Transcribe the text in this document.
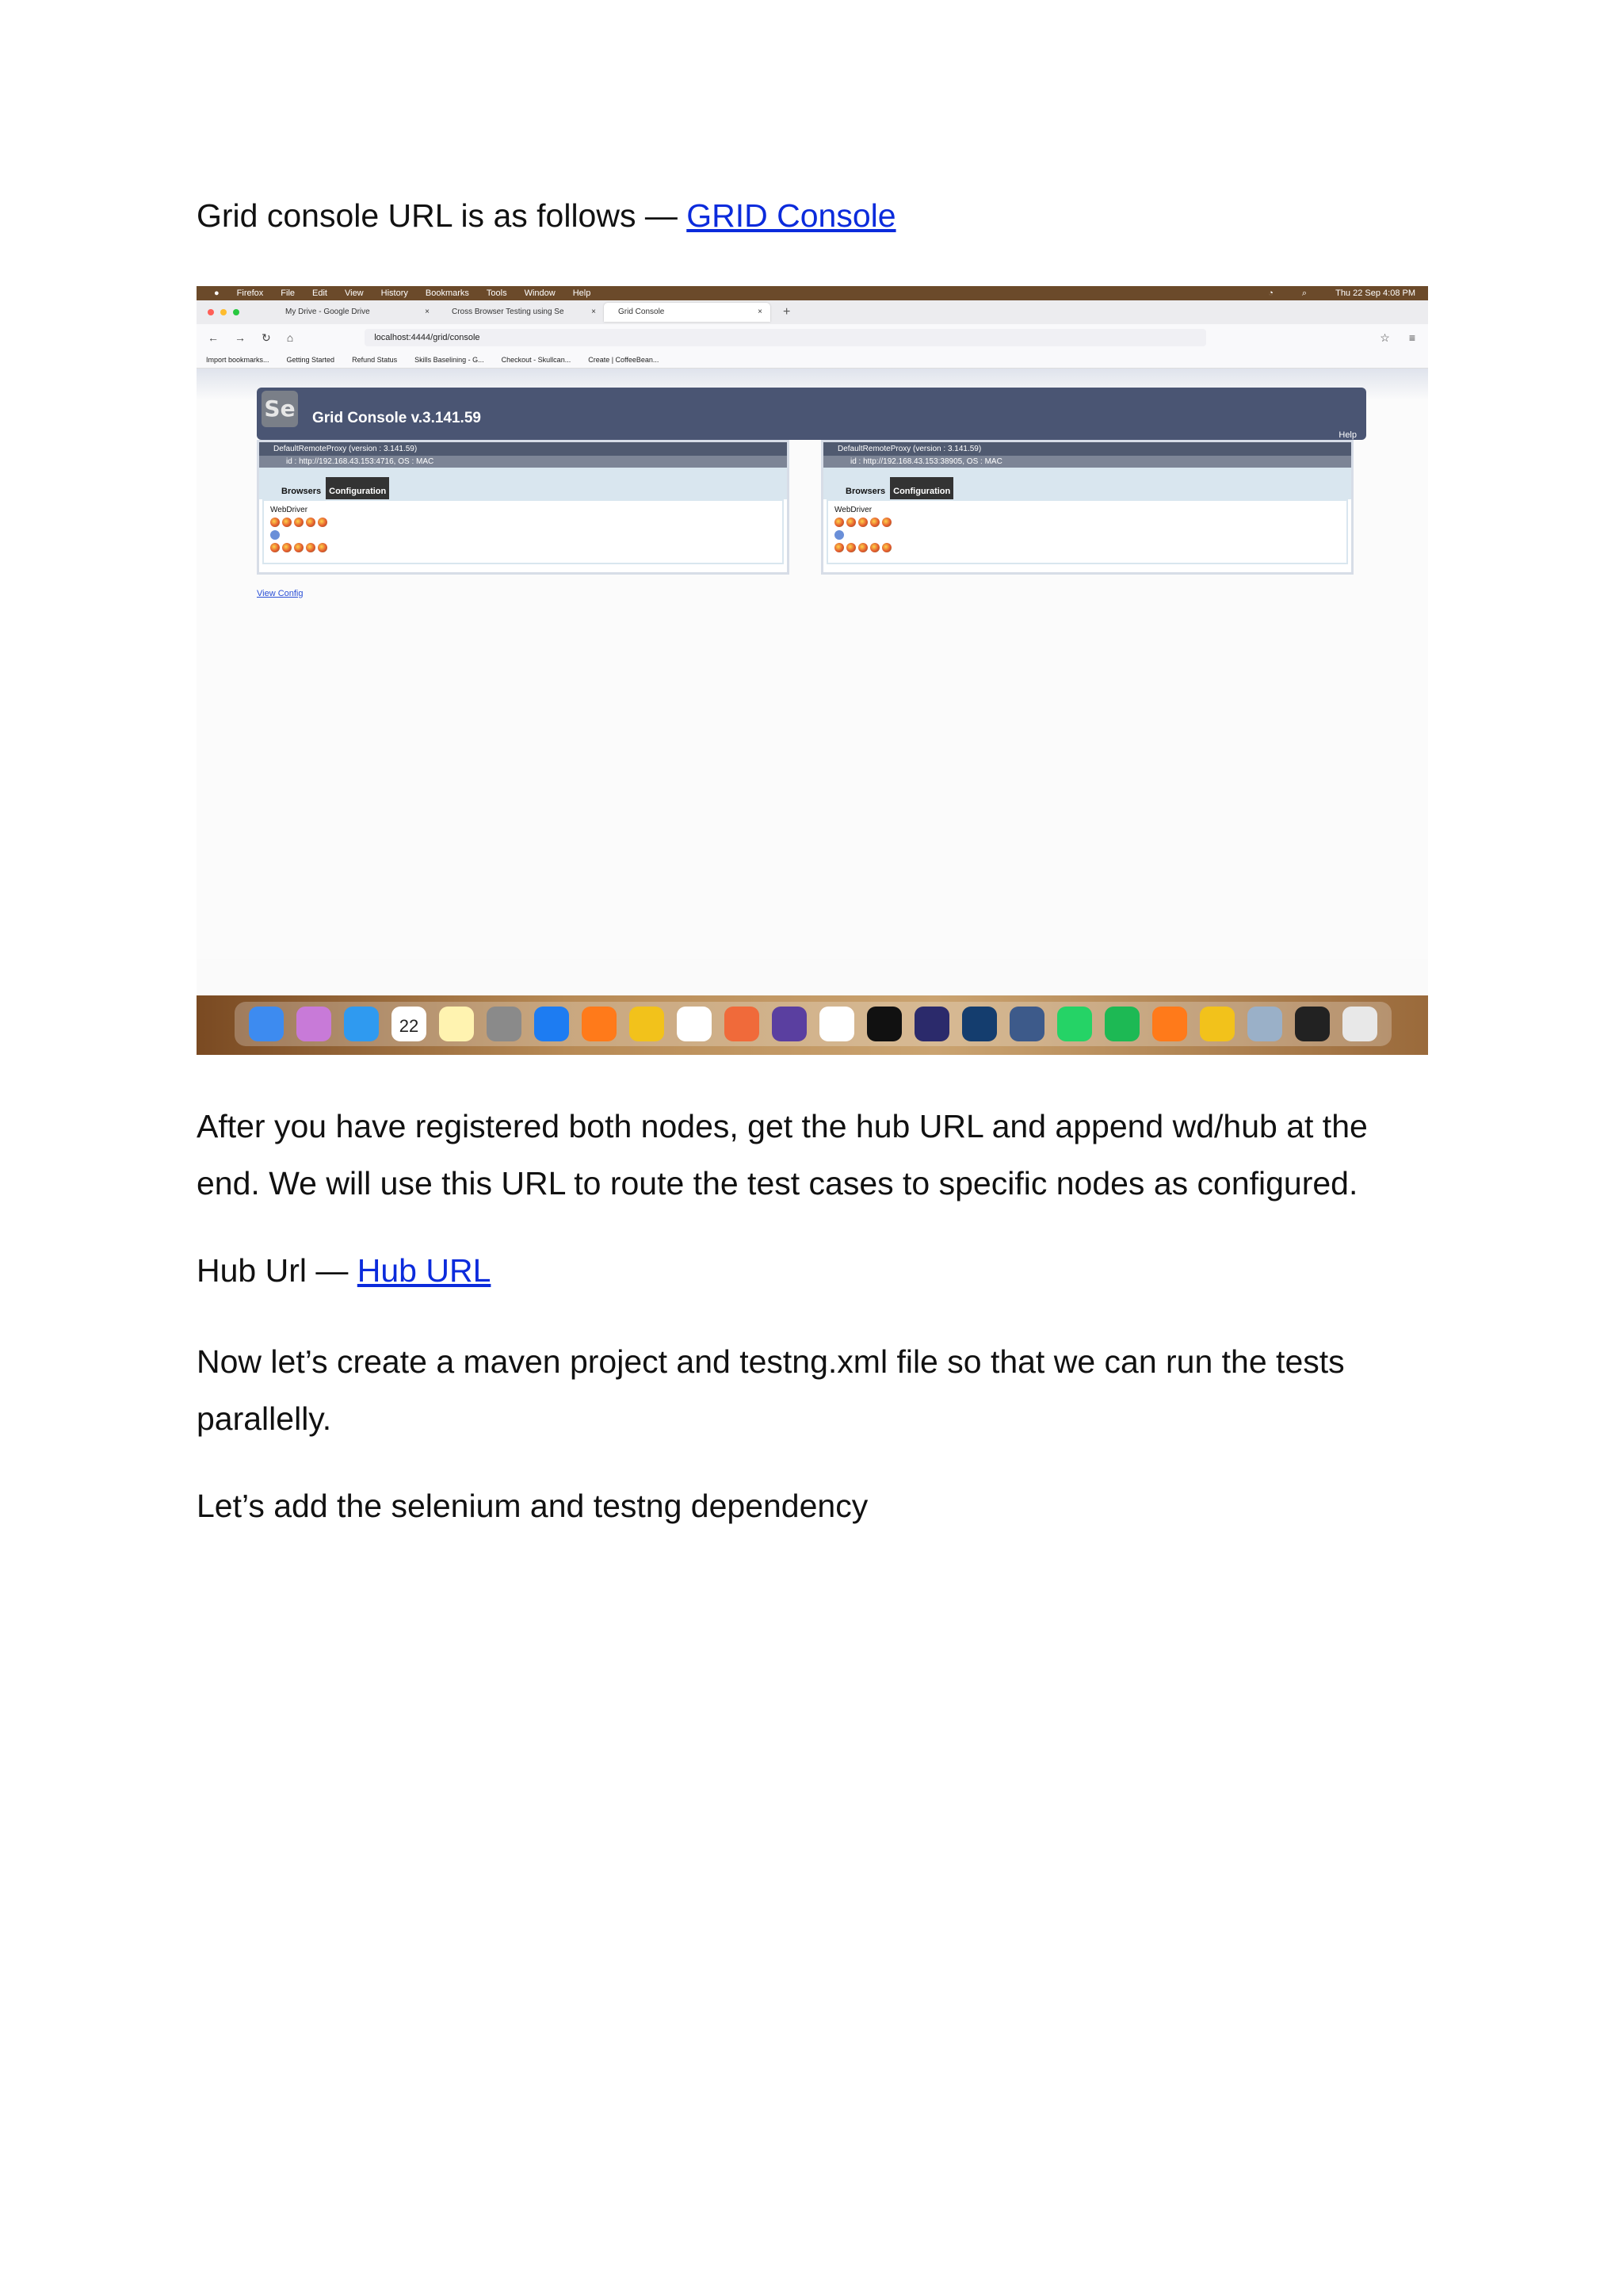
Grid console URL is as follows — GRID Console

● Firefox File Edit View History Bookmarks Tools Window Help	◔	⌕	Thu 22 Sep 4:08 PM
My Drive - Google Drive	×	Cross Browser Testing using Se	×	Grid Console	× +
← → ↻ ⌂	localhost:4444/grid/console	☆ ≡
Import bookmarks... Getting Started Refund Status Skills Baselining - G... Checkout - Skullcan... Create | CoffeeBean...
Se Grid Console v.3.141.59
Help
DefaultRemoteProxy (version : 3.141.59)
id : http://192.168.43.153:4716, OS : MAC
Browsers Configuration
WebDriver
DefaultRemoteProxy (version : 3.141.59)
id : http://192.168.43.153:38905, OS : MAC
Browsers Configuration
WebDriver
View Config
22

After you have registered both nodes, get the hub URL and append wd/hub at the end. We will use this URL to route the test cases to specific nodes as configured.

Hub Url — Hub URL

Now let’s create a maven project and testng.xml file so that we can run the tests parallelly.

Let’s add the selenium and testng dependency
